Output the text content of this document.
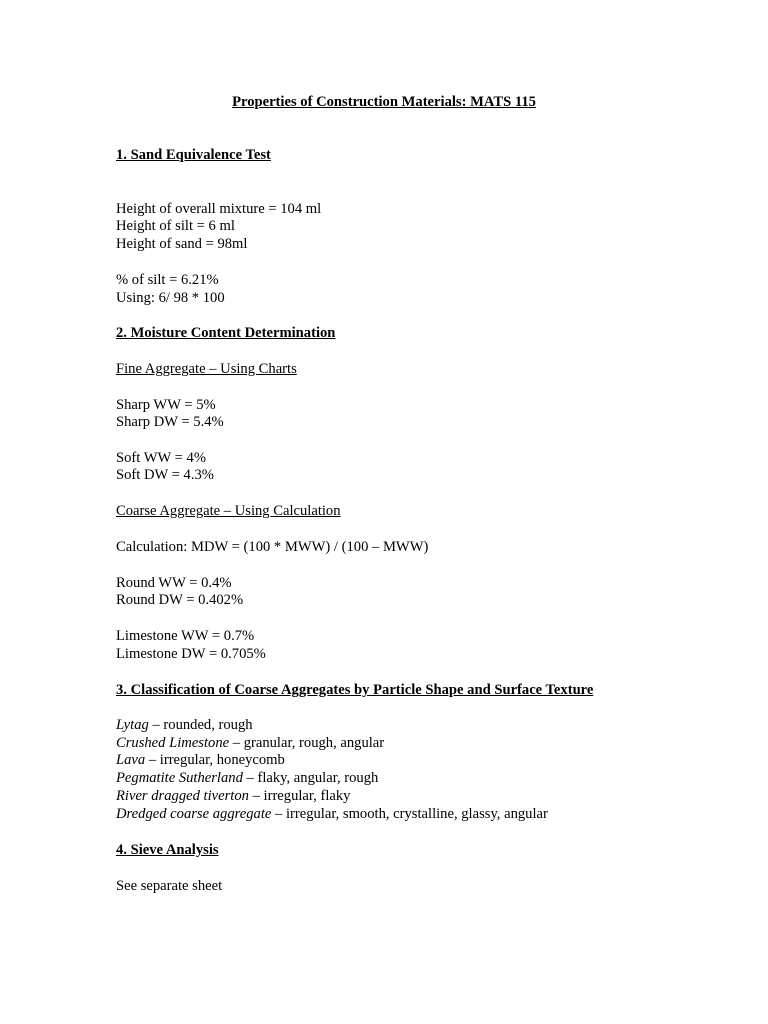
Properties of Construction Materials: MATS 115
1. Sand Equivalence Test
Height of overall mixture = 104 ml
Height of silt = 6 ml
Height of sand = 98ml
% of silt = 6.21%
Using: 6/ 98 * 100
2. Moisture Content Determination
Fine Aggregate – Using Charts
Sharp WW = 5%
Sharp DW = 5.4%
Soft WW = 4%
Soft DW = 4.3%
Coarse Aggregate – Using Calculation
Calculation: MDW = (100 * MWW) / (100 – MWW)
Round WW = 0.4%
Round DW = 0.402%
Limestone WW = 0.7%
Limestone DW = 0.705%
3. Classification of Coarse Aggregates by Particle Shape and Surface Texture
Lytag – rounded, rough
Crushed Limestone – granular, rough, angular
Lava – irregular, honeycomb
Pegmatite Sutherland – flaky, angular, rough
River dragged tiverton – irregular, flaky
Dredged coarse aggregate – irregular, smooth, crystalline, glassy, angular
4. Sieve Analysis
See separate sheet
